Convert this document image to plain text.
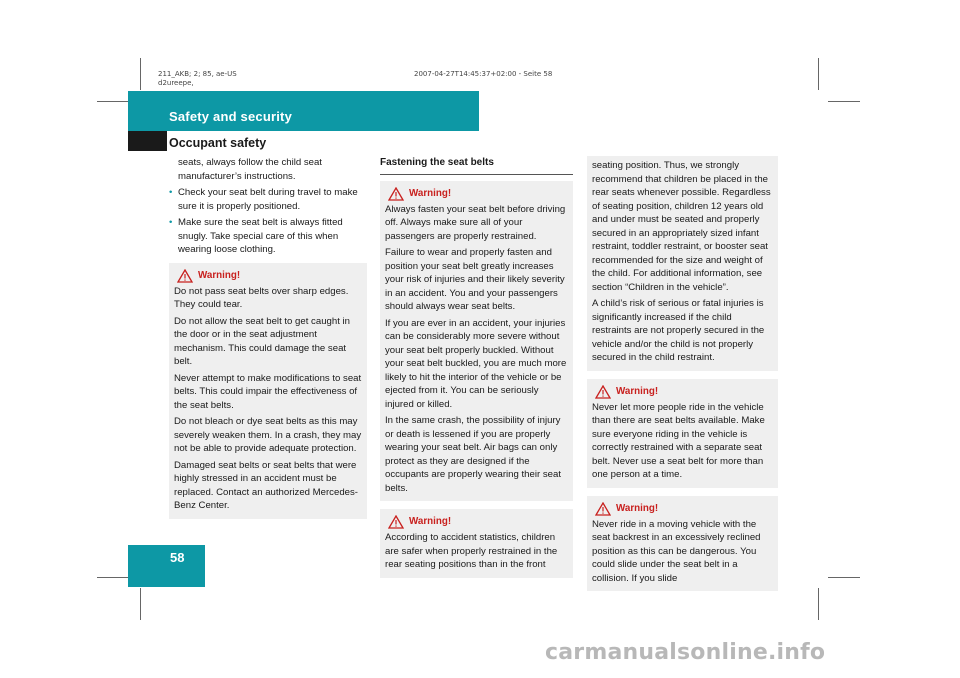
211_AKB; 2; 85, ae-US
d2ureepe,
2007-04-27T14:45:37+02:00 - Seite 58
Safety and security
Occupant safety
58

seats, always follow the child seat
manufacturer’s instructions.

• Check your seat belt during travel to make sure it is properly positioned.
• Make sure the seat belt is always fitted snugly. Take special care of this when wearing loose clothing.
Warning!

Do not pass seat belts over sharp edges. They could tear.

Do not allow the seat belt to get caught in the door or in the seat adjustment mechanism. This could damage the seat belt.

Never attempt to make modifications to seat belts. This could impair the effectiveness of the seat belts.

Do not bleach or dye seat belts as this may severely weaken them. In a crash, they may not be able to provide adequate protection.

Damaged seat belts or seat belts that were highly stressed in an accident must be replaced. Contact an authorized Mercedes-Benz Center.

Fastening the seat belts
Warning!

Always fasten your seat belt before driving off. Always make sure all of your passengers are properly restrained.

Failure to wear and properly fasten and position your seat belt greatly increases your risk of injuries and their likely severity in an accident. You and your passengers should always wear seat belts.

If you are ever in an accident, your injuries can be considerably more severe without your seat belt properly buckled. Without your seat belt buckled, you are much more likely to hit the interior of the vehicle or be ejected from it. You can be seriously injured or killed.

In the same crash, the possibility of injury or death is lessened if you are properly wearing your seat belt. Air bags can only protect as they are designed if the occupants are properly wearing their seat belts.

Warning!

According to accident statistics, children are safer when properly restrained in the rear seating positions than in the front

seating position. Thus, we strongly recommend that children be placed in the rear seats whenever possible. Regardless of seating position, children 12 years old and under must be seated and properly secured in an appropriately sized infant restraint, toddler restraint, or booster seat recommended for the size and weight of the child. For additional information, see section “Children in the vehicle”.

A child’s risk of serious or fatal injuries is significantly increased if the child restraints are not properly secured in the vehicle and/or the child is not properly secured in the child restraint.

Warning!

Never let more people ride in the vehicle than there are seat belts available. Make sure everyone riding in the vehicle is correctly restrained with a separate seat belt. Never use a seat belt for more than one person at a time.

Warning!

Never ride in a moving vehicle with the seat backrest in an excessively reclined position as this can be dangerous. You could slide under the seat belt in a collision. If you slide

carmanualsonline.info
